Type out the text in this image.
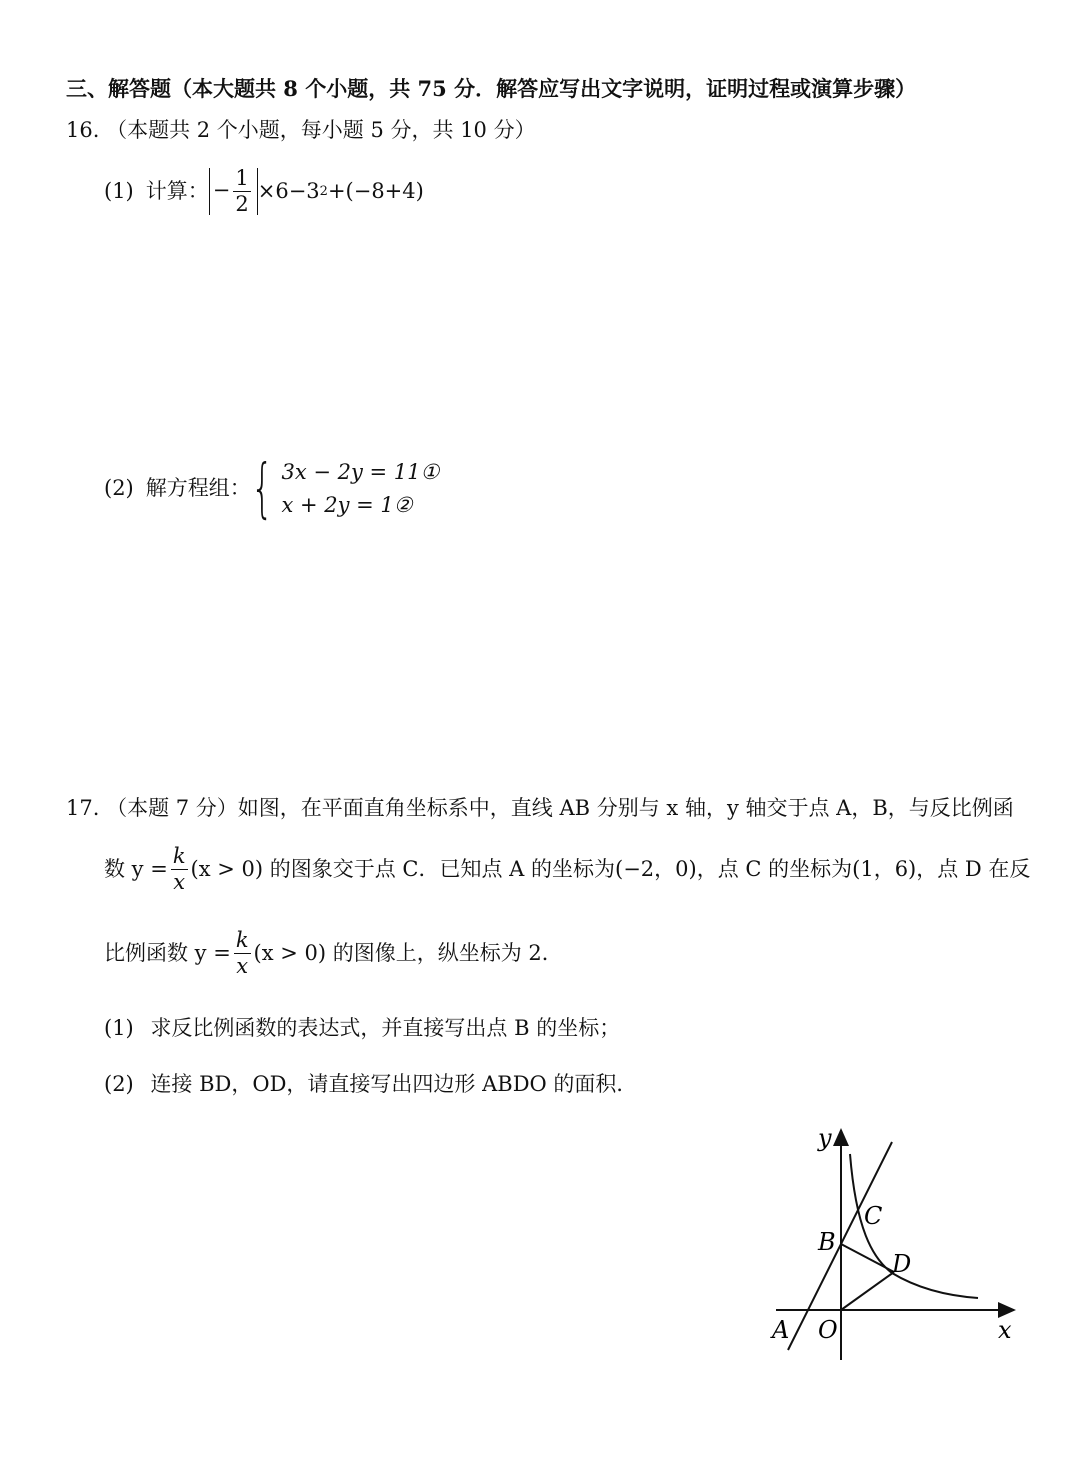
三、解答题（本大题共 8 个小题，共 75 分．解答应写出文字说明，证明过程或演算步骤）
16. （本题共 2 个小题，每小题 5 分，共 10 分）
(1) 计算： − $\frac{1}{2} \times 6-3$ 2 +(−8+4)
(2) 解方程组： { 3x − 2y = 11①
x + 2y = 1②
17. （本题 7 分）如图，在平面直角坐标系中，直线 AB 分别与 x 轴，y 轴交于点 A，B，与反比例函
数 $y = \frac{k}{x} (x > 0)$ 的图象交于点 C．已知点 A 的坐标为(−2，0)，点 C 的坐标为(1，6)，点 D 在反
比例函数 $y = \frac{k}{x} (x > 0)$ 的图像上，纵坐标为 2．
(1) 求反比例函数的表达式，并直接写出点 B 的坐标；
(2) 连接 BD，OD，请直接写出四边形 ABDO 的面积．
y
x
A O
B
C
D
